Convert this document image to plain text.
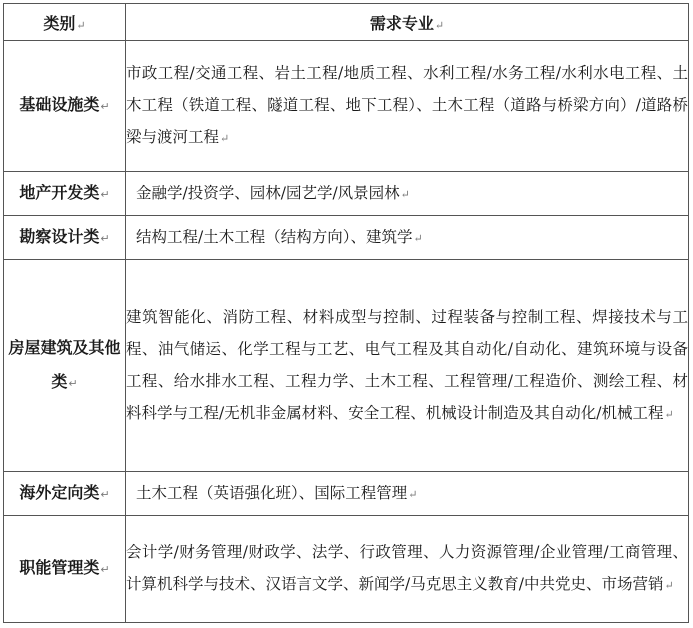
类别↵	需求专业↵
基础设施类↵	市政工程/交通工程、岩土工程/地质工程、水利工程/水务工程/水利水电工程、土木工程（铁道工程、隧道工程、地下工程）、土木工程（道路与桥梁方向）/道路桥梁与渡河工程↵
地产开发类↵	金融学/投资学、园林/园艺学/风景园林↵
勘察设计类↵	结构工程/土木工程（结构方向）、建筑学↵
房屋建筑及其他类↵	建筑智能化、消防工程、材料成型与控制、过程装备与控制工程、焊接技术与工程、油气储运、化学工程与工艺、电气工程及其自动化/自动化、建筑环境与设备工程、给水排水工程、工程力学、土木工程、工程管理/工程造价、测绘工程、材料科学与工程/无机非金属材料、安全工程、机械设计制造及其自动化/机械工程↵
海外定向类↵	土木工程（英语强化班）、国际工程管理↵
职能管理类↵	会计学/财务管理/财政学、法学、行政管理、人力资源管理/企业管理/工商管理、计算机科学与技术、汉语言文学、新闻学/马克思主义教育/中共党史、市场营销↵
